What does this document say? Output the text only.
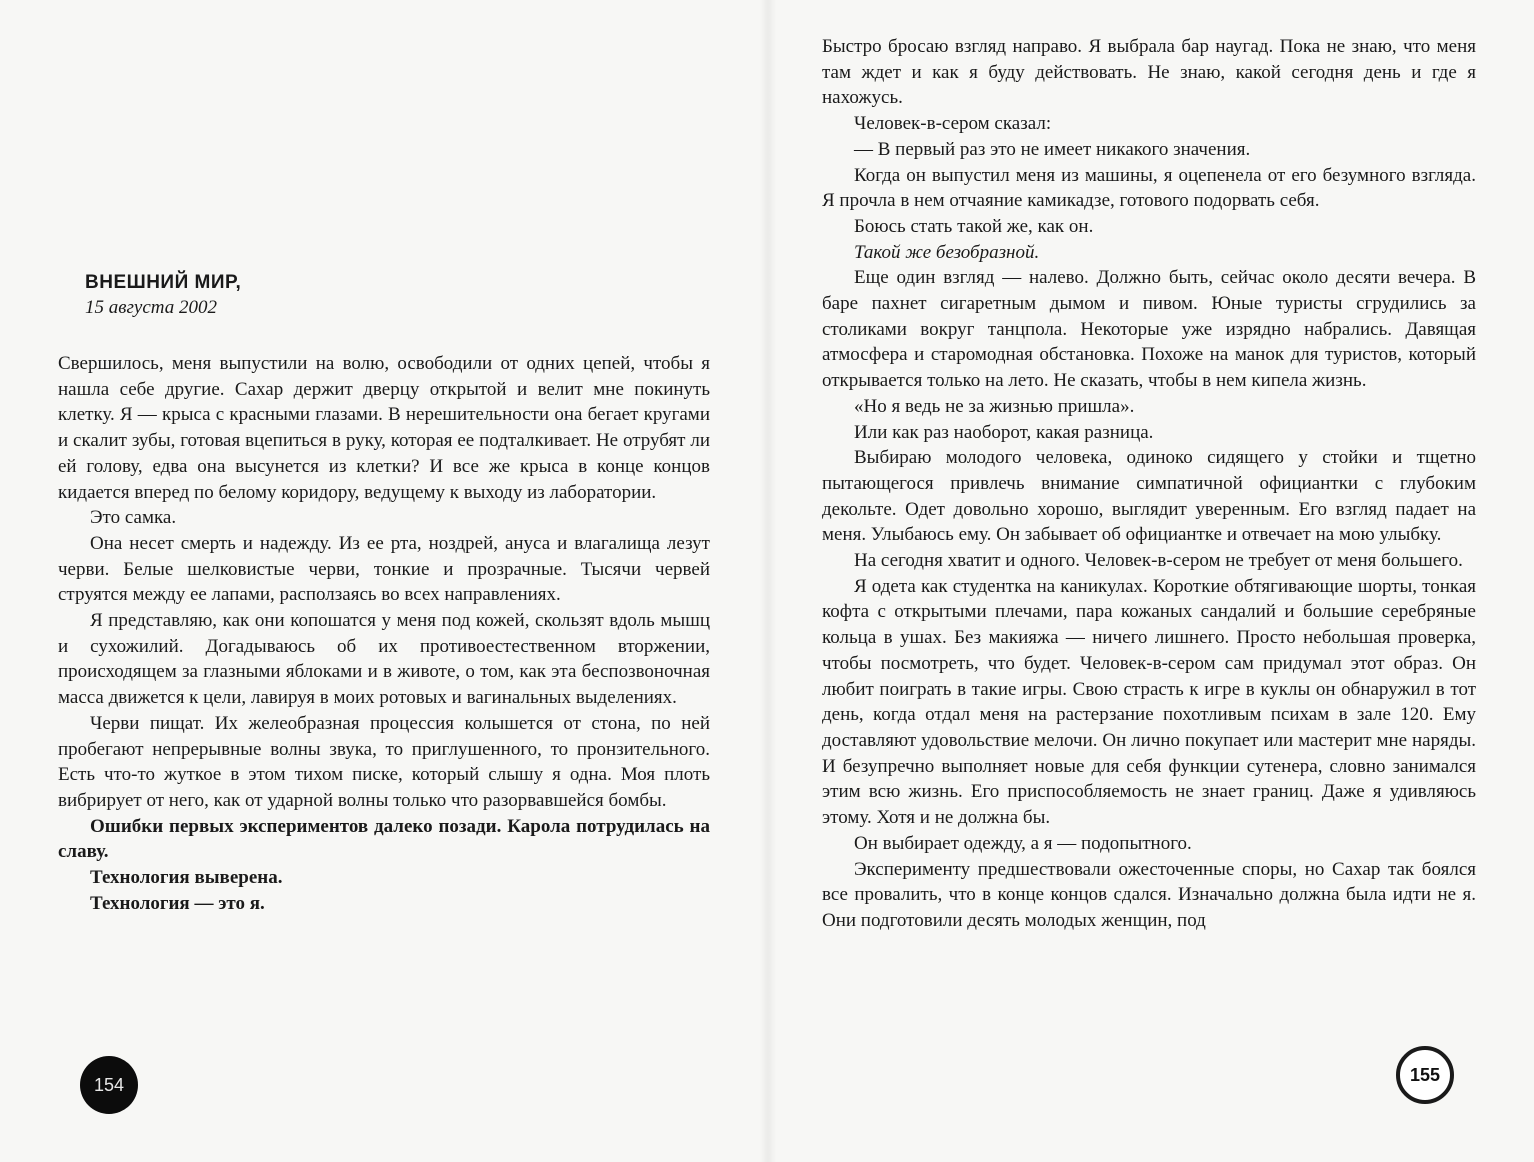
ВНЕШНИЙ МИР,
15 августа 2002

Свершилось, меня выпустили на волю, освободили от одних цепей, чтобы я нашла себе другие. Сахар держит дверцу открытой и велит мне покинуть клетку. Я — крыса с красными глазами. В нерешительности она бегает кругами и скалит зубы, готовая вцепиться в руку, которая ее подталкивает. Не отрубят ли ей голову, едва она высунется из клетки? И все же крыса в конце концов кидается вперед по белому коридору, ведущему к выходу из лаборатории.

Это самка.

Она несет смерть и надежду. Из ее рта, ноздрей, ануса и влагалища лезут черви. Белые шелковистые черви, тонкие и прозрачные. Тысячи червей струятся между ее лапами, расползаясь во всех направлениях.

Я представляю, как они копошатся у меня под кожей, скользят вдоль мышц и сухожилий. Догадываюсь об их противоестественном вторжении, происходящем за глазными яблоками и в животе, о том, как эта беспозвоночная масса движется к цели, лавируя в моих ротовых и вагинальных выделениях.

Черви пищат. Их желеобразная процессия колышется от стона, по ней пробегают непрерывные волны звука, то приглушенного, то пронзительного. Есть что-то жуткое в этом тихом писке, который слышу я одна. Моя плоть вибрирует от него, как от ударной волны только что разорвавшейся бомбы.

Ошибки первых экспериментов далеко позади. Карола потрудилась на славу.

Технология выверена.

Технология — это я.

154

Быстро бросаю взгляд направо. Я выбрала бар наугад. Пока не знаю, что меня там ждет и как я буду действовать. Не знаю, какой сегодня день и где я нахожусь.

Человек-в-сером сказал:

— В первый раз это не имеет никакого значения.

Когда он выпустил меня из машины, я оцепенела от его безумного взгляда. Я прочла в нем отчаяние камикадзе, готового подорвать себя.

Боюсь стать такой же, как он.

Такой же безобразной.

Еще один взгляд — налево. Должно быть, сейчас около десяти вечера. В баре пахнет сигаретным дымом и пивом. Юные туристы сгрудились за столиками вокруг танцпола. Некоторые уже изрядно набрались. Давящая атмосфера и старомодная обстановка. Похоже на манок для туристов, который открывается только на лето. Не сказать, чтобы в нем кипела жизнь.

«Но я ведь не за жизнью пришла».

Или как раз наоборот, какая разница.

Выбираю молодого человека, одиноко сидящего у стойки и тщетно пытающегося привлечь внимание симпатичной официантки с глубоким декольте. Одет довольно хорошо, выглядит уверенным. Его взгляд падает на меня. Улыбаюсь ему. Он забывает об официантке и отвечает на мою улыбку.

На сегодня хватит и одного. Человек-в-сером не требует от меня большего.

Я одета как студентка на каникулах. Короткие обтягивающие шорты, тонкая кофта с открытыми плечами, пара кожаных сандалий и большие серебряные кольца в ушах. Без макияжа — ничего лишнего. Просто небольшая проверка, чтобы посмотреть, что будет. Человек-в-сером сам придумал этот образ. Он любит поиграть в такие игры. Свою страсть к игре в куклы он обнаружил в тот день, когда отдал меня на растерзание похотливым психам в зале 120. Ему доставляют удовольствие мелочи. Он лично покупает или мастерит мне наряды. И безупречно выполняет новые для себя функции сутенера, словно занимался этим всю жизнь. Его приспособляемость не знает границ. Даже я удивляюсь этому. Хотя и не должна бы.

Он выбирает одежду, а я — подопытного.

Эксперименту предшествовали ожесточенные споры, но Сахар так боялся все провалить, что в конце концов сдался. Изначально должна была идти не я. Они подготовили десять молодых женщин, под

155
